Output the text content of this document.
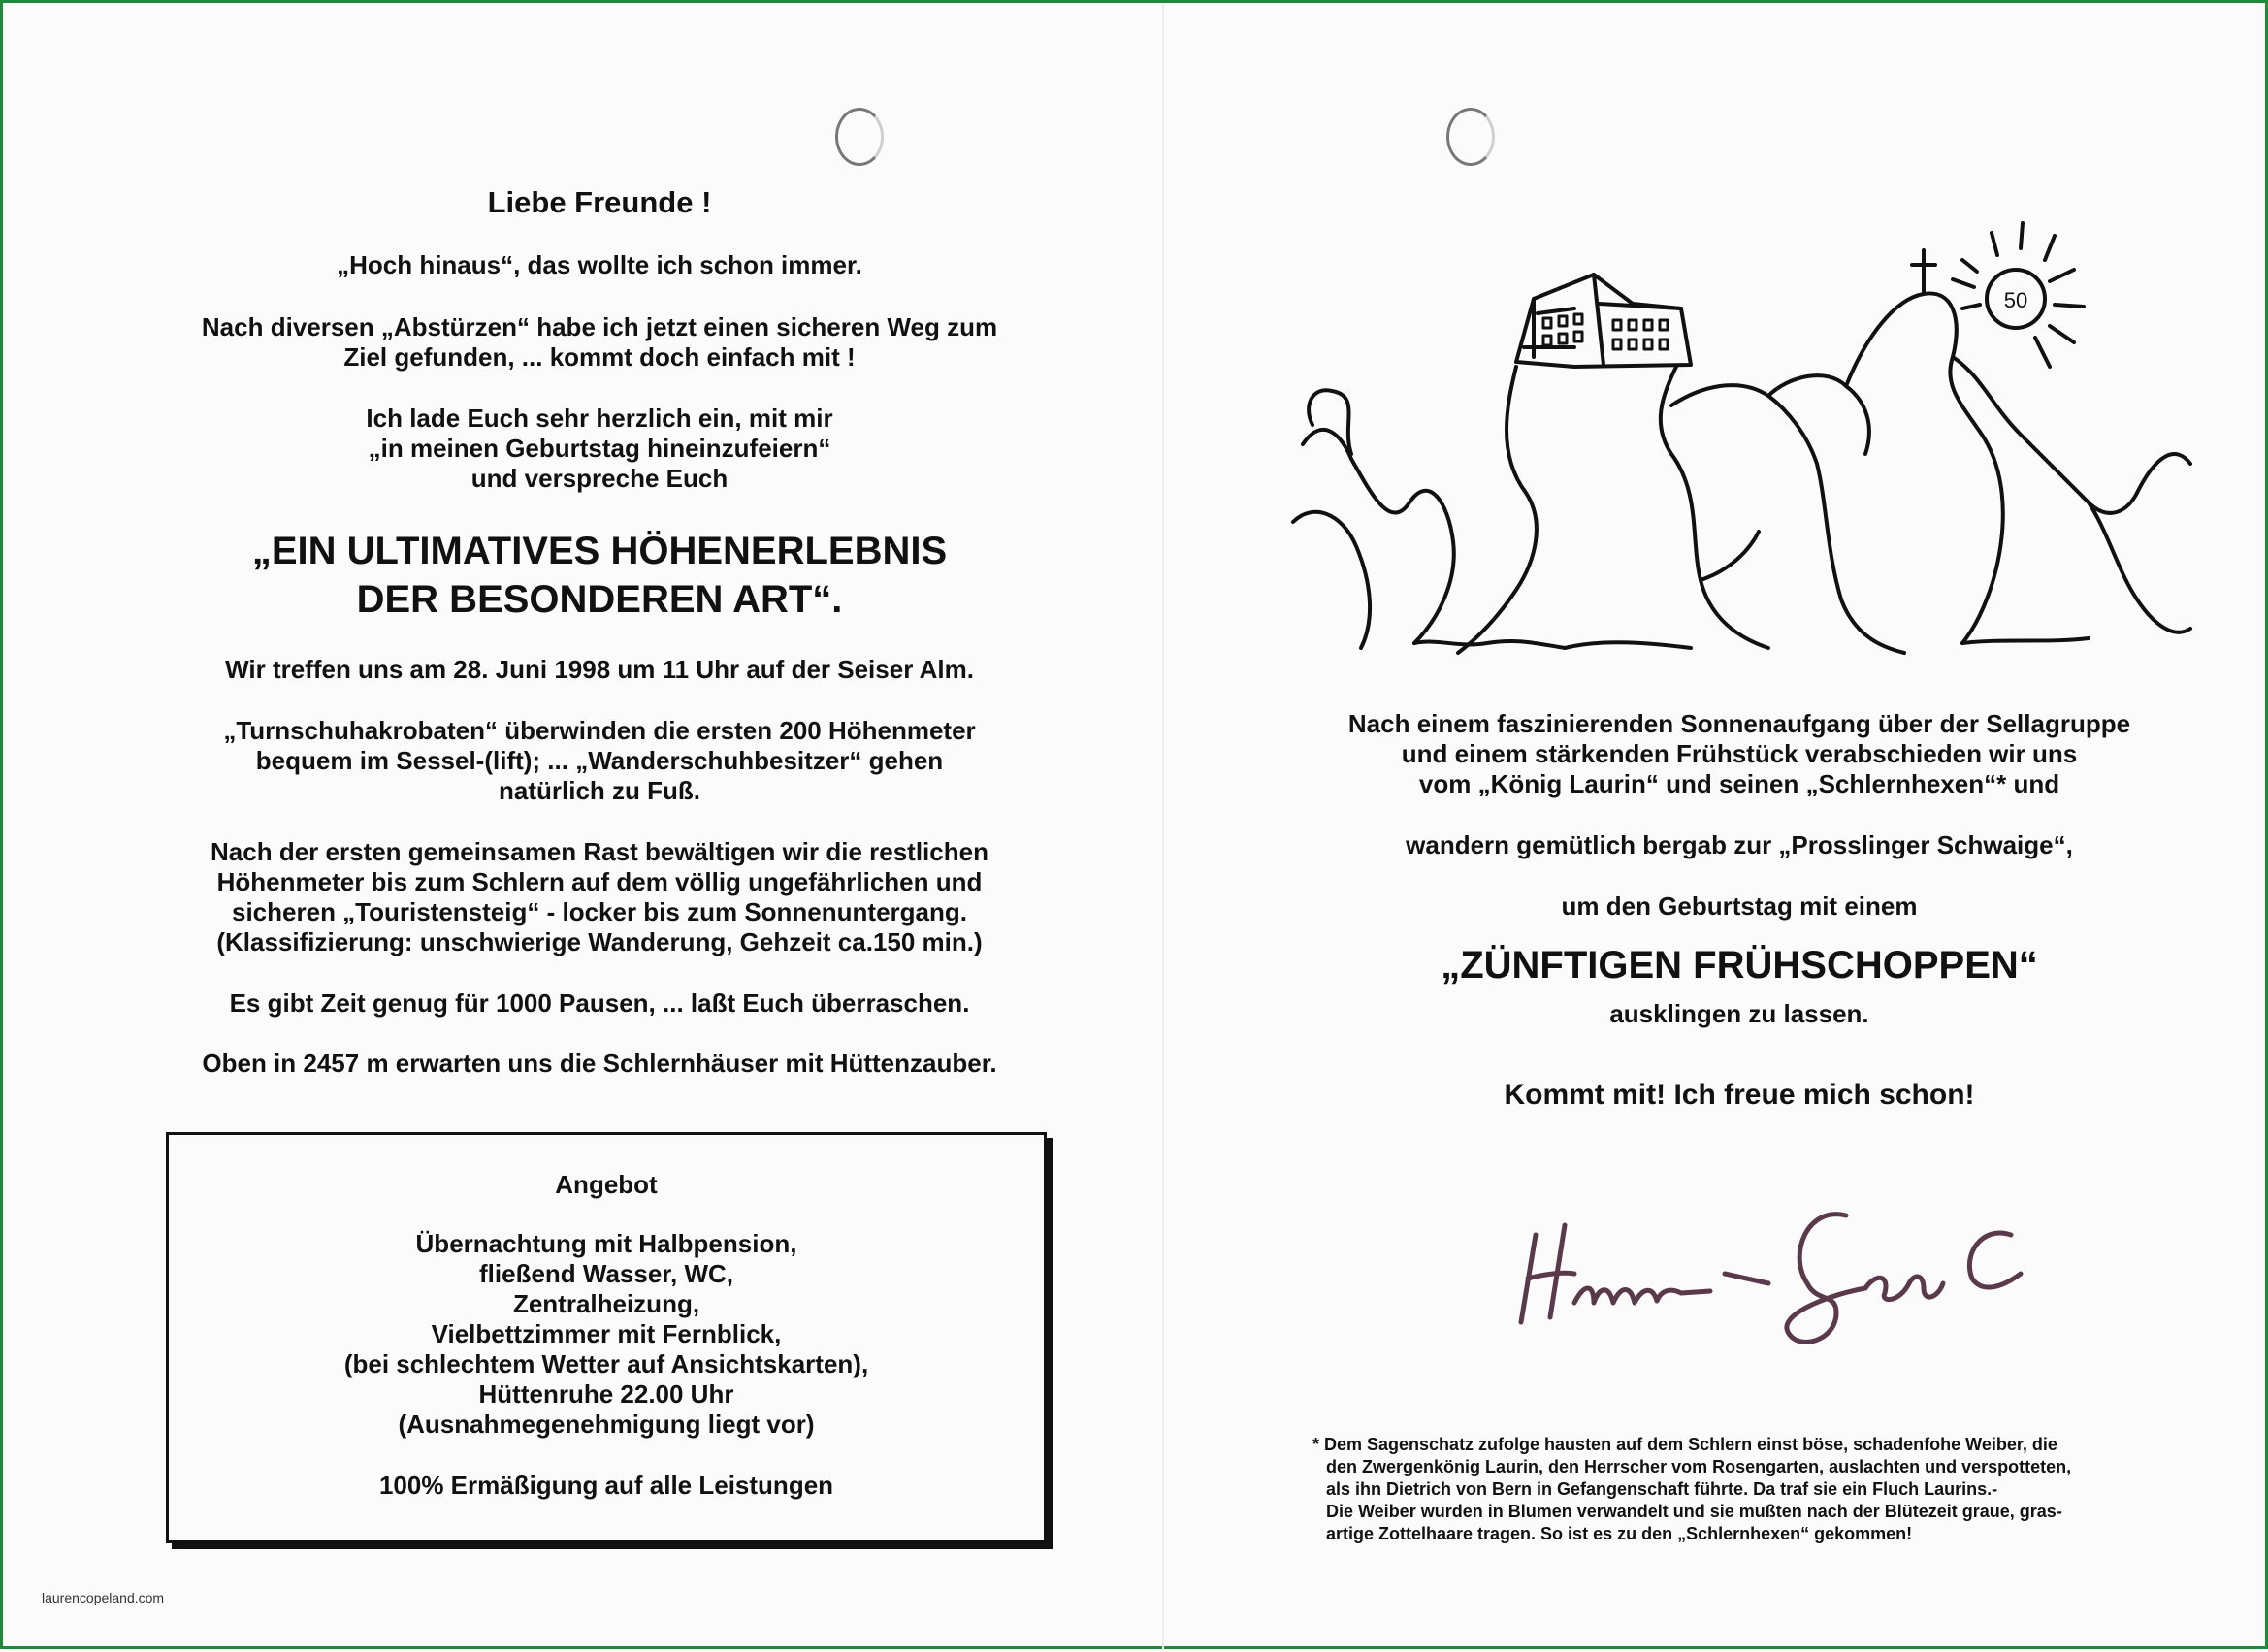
Liebe Freunde !

„Hoch hinaus“, das wollte ich schon immer.

Nach diversen „Abstürzen“ habe ich jetzt einen sicheren Weg zum

Ziel gefunden, ... kommt doch einfach mit !

Ich lade Euch sehr herzlich ein, mit mir

„in meinen Geburtstag hineinzufeiern“

und verspreche Euch

„EIN ULTIMATIVES HÖHENERLEBNIS

DER BESONDEREN ART“.

Wir treffen uns am 28. Juni 1998 um 11 Uhr auf der Seiser Alm.

„Turnschuhakrobaten“ überwinden die ersten 200 Höhenmeter

bequem im Sessel-(lift); ... „Wanderschuhbesitzer“ gehen

natürlich zu Fuß.

Nach der ersten gemeinsamen Rast bewältigen wir die restlichen

Höhenmeter bis zum Schlern auf dem völlig ungefährlichen und

sicheren „Touristensteig“ - locker bis zum Sonnenuntergang.

(Klassifizierung: unschwierige Wanderung, Gehzeit ca.150 min.)

Es gibt Zeit genug für 1000 Pausen, ... laßt Euch überraschen.

Oben in 2457 m erwarten uns die Schlernhäuser mit Hüttenzauber.

Angebot

Übernachtung mit Halbpension,

fließend Wasser, WC,

Zentralheizung,

Vielbettzimmer mit Fernblick,

(bei schlechtem Wetter auf Ansichtskarten),

Hüttenruhe 22.00 Uhr

(Ausnahmegenehmigung liegt vor)

100% Ermäßigung auf alle Leistungen

50

Nach einem faszinierenden Sonnenaufgang über der Sellagruppe

und einem stärkenden Frühstück verabschieden wir uns

vom „König Laurin“ und seinen „Schlernhexen“* und

wandern gemütlich bergab zur „Prosslinger Schwaige“,

um den Geburtstag mit einem

„ZÜNFTIGEN FRÜHSCHOPPEN“

ausklingen zu lassen.

Kommt mit! Ich freue mich schon!

* Dem Sagenschatz zufolge hausten auf dem Schlern einst böse, schadenfohe Weiber, die

den Zwergenkönig Laurin, den Herrscher vom Rosengarten, auslachten und verspotteten,

als ihn Dietrich von Bern in Gefangenschaft führte. Da traf sie ein Fluch Laurins.-

Die Weiber wurden in Blumen verwandelt und sie mußten nach der Blütezeit graue, gras-

artige Zottelhaare tragen. So ist es zu den „Schlernhexen“ gekommen!

laurencopeland.com
